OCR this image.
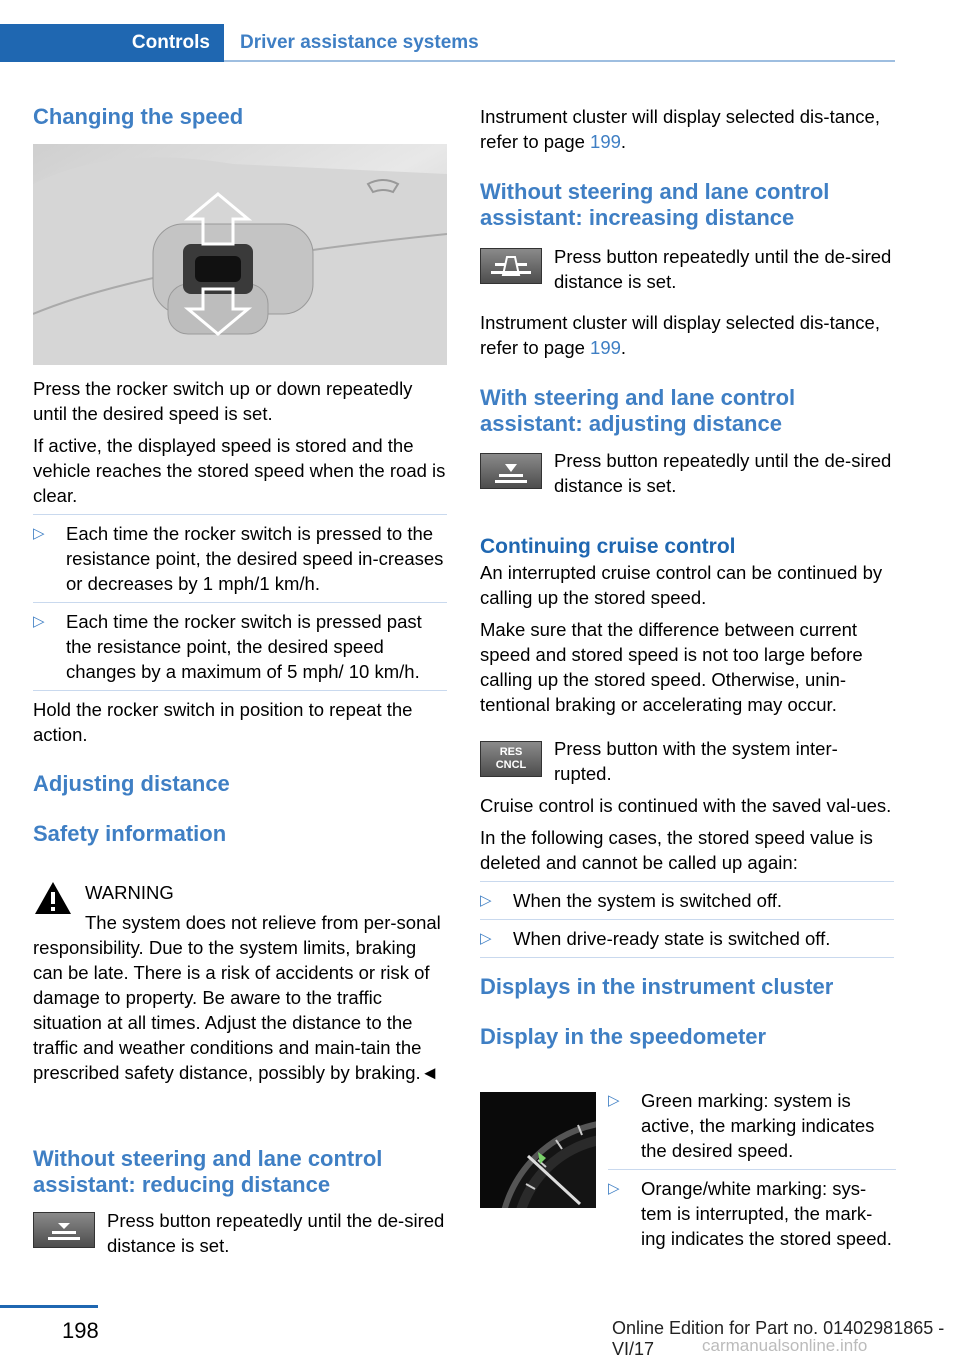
Controls	Driver assistance systems
Changing the speed

Press the rocker switch up or down repeatedly until the desired speed is set.

If active, the displayed speed is stored and the vehicle reaches the stored speed when the road is clear.

▷ Each time the rocker switch is pressed to the resistance point, the desired speed in-creases or decreases by 1 mph/1 km/h.
▷ Each time the rocker switch is pressed past the resistance point, the desired speed changes by a maximum of 5 mph/ 10 km/h.

Hold the rocker switch in position to repeat the action.

Adjusting distance
Safety information
WARNING
The system does not relieve from per-sonal responsibility. Due to the system limits, braking can be late. There is a risk of accidents or risk of damage to property. Be aware to the traffic situation at all times. Adjust the distance to the traffic and weather conditions and main-tain the prescribed safety distance, possibly by braking.◄
Without steering and lane control assistant: reducing distance
Press button repeatedly until the de-sired distance is set.
Instrument cluster will display selected dis-tance, refer to page 199.
Without steering and lane control assistant: increasing distance
Press button repeatedly until the de-sired distance is set.
Instrument cluster will display selected dis-tance, refer to page 199.
With steering and lane control assistant: adjusting distance
Press button repeatedly until the de-sired distance is set.
Continuing cruise control

An interrupted cruise control can be continued by calling up the stored speed.

Make sure that the difference between current speed and stored speed is not too large before calling up the stored speed. Otherwise, unin-tentional braking or accelerating may occur.

RES
CNCL
Press button with the system inter-rupted.

Cruise control is continued with the saved val-ues.

In the following cases, the stored speed value is deleted and cannot be called up again:

▷ When the system is switched off.
▷ When drive-ready state is switched off.
Displays in the instrument cluster
Display in the speedometer
▷ Green marking: system is active, the marking indicates the desired speed.
▷ Orange/white marking: sys-tem is interrupted, the mark-ing indicates the stored speed.
198	Online Edition for Part no. 01402981865 - VI/17	carmanualsonline.info
